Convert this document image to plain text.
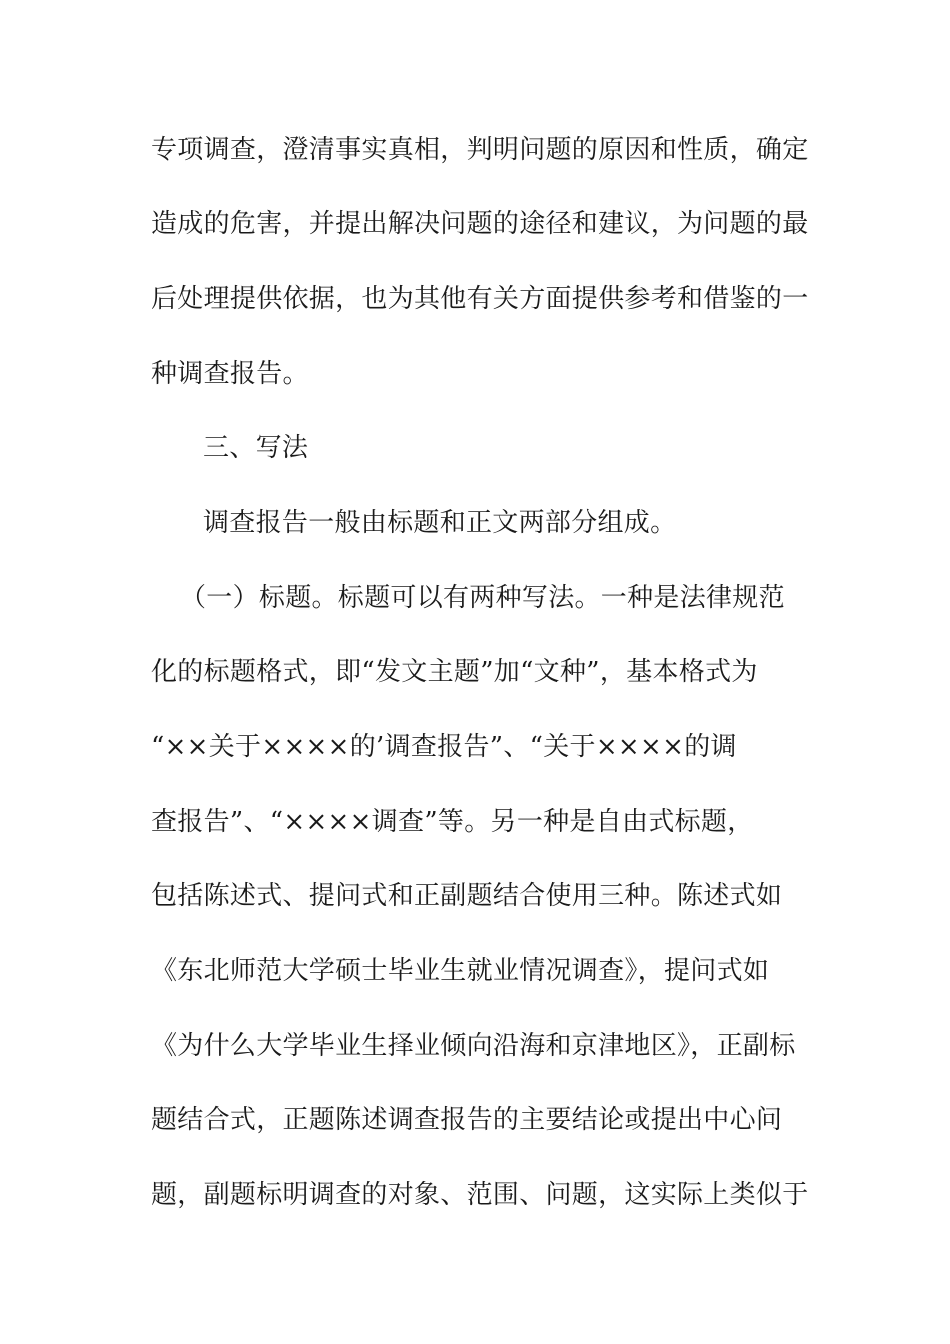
专项调查，澄清事实真相，判明问题的原因和性质，确定
造成的危害，并提出解决问题的途径和建议，为问题的最
后处理提供依据，也为其他有关方面提供参考和借鉴的一
种调查报告。
三、写法
调查报告一般由标题和正文两部分组成。
（一）标题。标题可以有两种写法。一种是法律规范
化的标题格式，即“发文主题”加“文种”，基本格式为
“××关于××××的’调查报告”、“关于××××的调
查报告”、“××××调查”等。另一种是自由式标题，
包括陈述式、提问式和正副题结合使用三种。陈述式如
《东北师范大学硕士毕业生就业情况调查》，提问式如
《为什么大学毕业生择业倾向沿海和京津地区》，正副标
题结合式，正题陈述调查报告的主要结论或提出中心问
题，副题标明调查的对象、范围、问题，这实际上类似于
